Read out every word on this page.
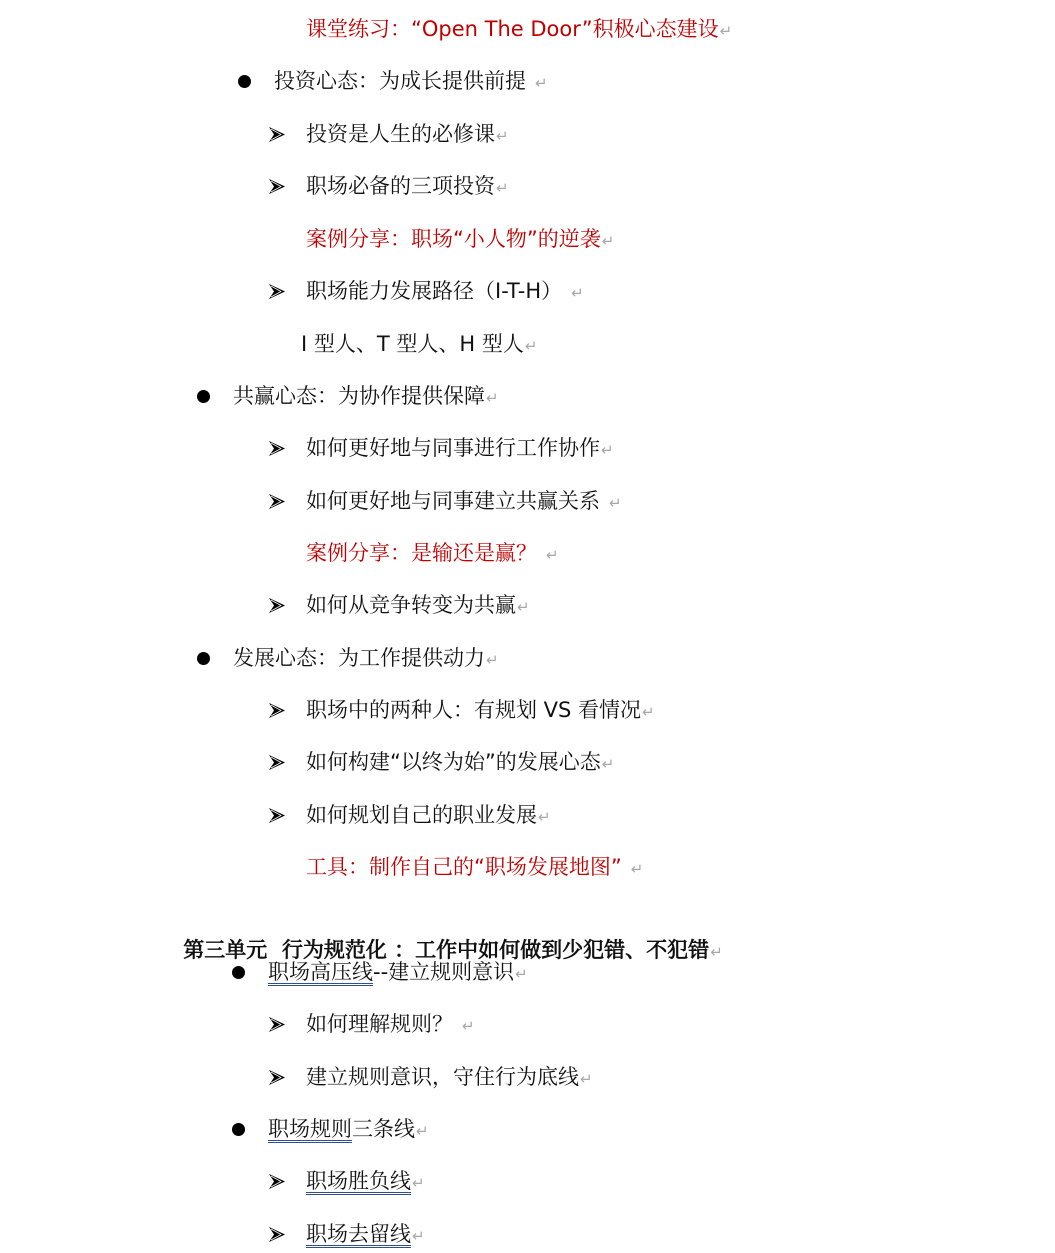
课堂练习：“Open The Door”积极心态建设↵
投资心态：为成长提供前提 ↵
投资是人生的必修课↵
职场必备的三项投资↵
案例分享：职场“小人物”的逆袭↵
职场能力发展路径（I-T-H） ↵
I 型人、T 型人、H 型人↵
共赢心态：为协作提供保障↵
如何更好地与同事进行工作协作↵
如何更好地与同事建立共赢关系 ↵
案例分享：是输还是赢？ ↵
如何从竞争转变为共赢↵
发展心态：为工作提供动力↵
职场中的两种人：有规划 VS 看情况↵
如何构建“以终为始”的发展心态↵
如何规划自己的职业发展↵
工具：制作自己的“职场发展地图” ↵

第三单元  行为规范化 ：工作中如何做到少犯错、不犯错↵

职场高压线--建立规则意识↵
如何理解规则？ ↵
建立规则意识，守住行为底线↵
职场规则三条线↵
职场胜负线↵
职场去留线↵
